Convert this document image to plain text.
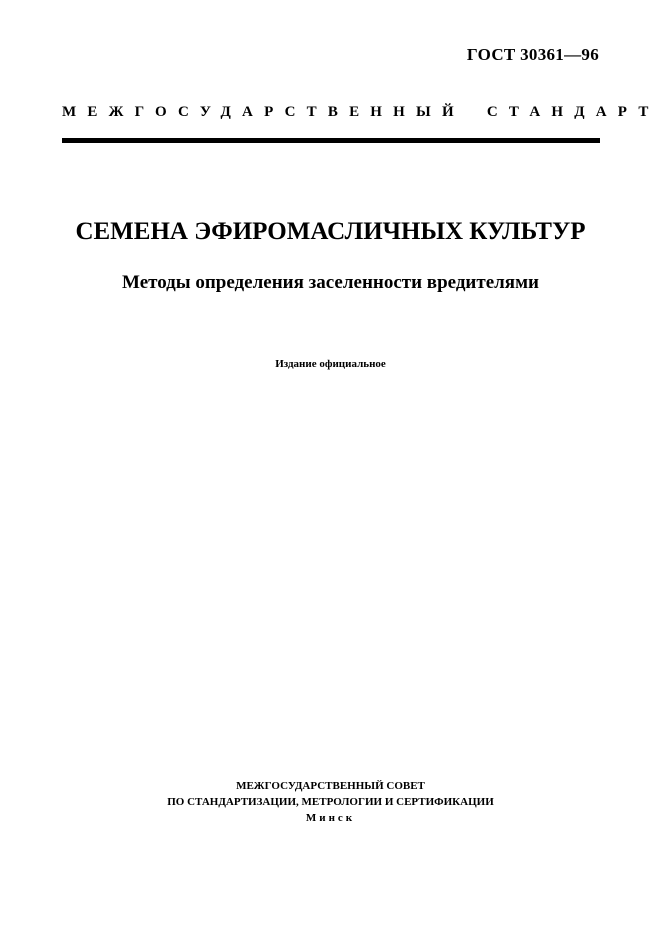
ГОСТ 30361—96
МЕЖГОСУДАРСТВЕННЫЙ СТАНДАРТ
СЕМЕНА ЭФИРОМАСЛИЧНЫХ КУЛЬТУР
Методы определения заселенности вредителями
Издание официальное
МЕЖГОСУДАРСТВЕННЫЙ СОВЕТ
ПО СТАНДАРТИЗАЦИИ, МЕТРОЛОГИИ И СЕРТИФИКАЦИИ
Минск
